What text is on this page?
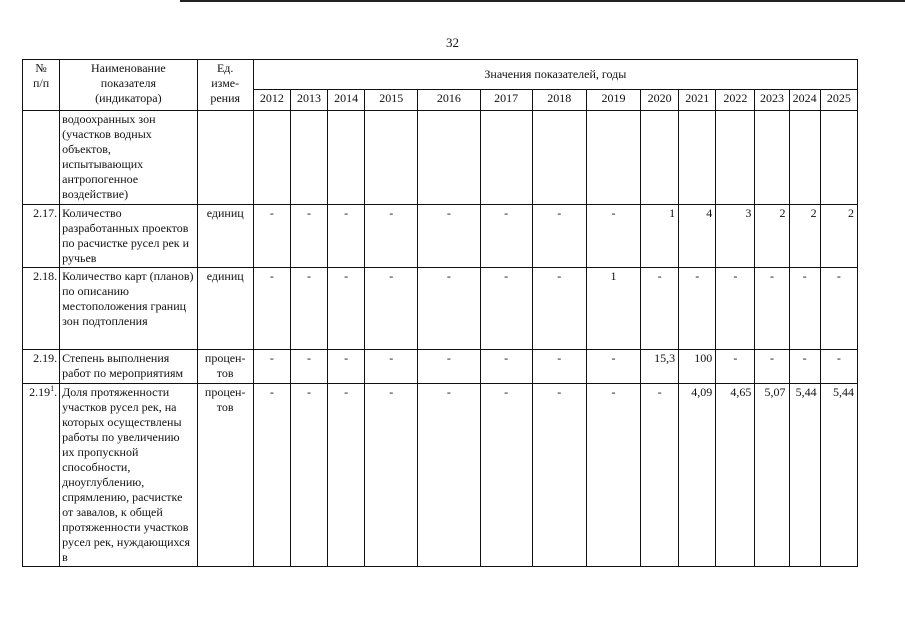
32
№
п/п	Наименование
показателя
(индикатора)	Ед.
изме-
рения	Значения показателей, годы													
			2012	2013	2014	2015	2016	2017	2018	2019	2020	2021	2022	2023	2024	2025
	водоохранных зон (участков водных объектов, испытывающих антропогенное воздействие)															
2.17.	Количество разработанных проектов по расчистке русел рек и ручьев	единиц	-	-	-	-	-	-	-	-	1	4	3	2	2	2
2.18.	Количество карт (планов) по описанию местоположения границ зон подтопления	единиц	-	-	-	-	-	-	-	1	-	-	-	-	-	-
2.19.	Степень выполнения работ по мероприятиям	процен-
тов	-	-	-	-	-	-	-	-	15,3	100	-	-	-	-
2.19$^1$.	Доля протяженности участков русел рек, на которых осуществлены работы по увеличению их пропускной способности, дноуглублению, спрямлению, расчистке от завалов, к общей протяженности участков русел рек, нуждающихся в	процен-
тов	-	-	-	-	-	-	-	-	-	4,09	4,65	5,07	5,44	5,44
